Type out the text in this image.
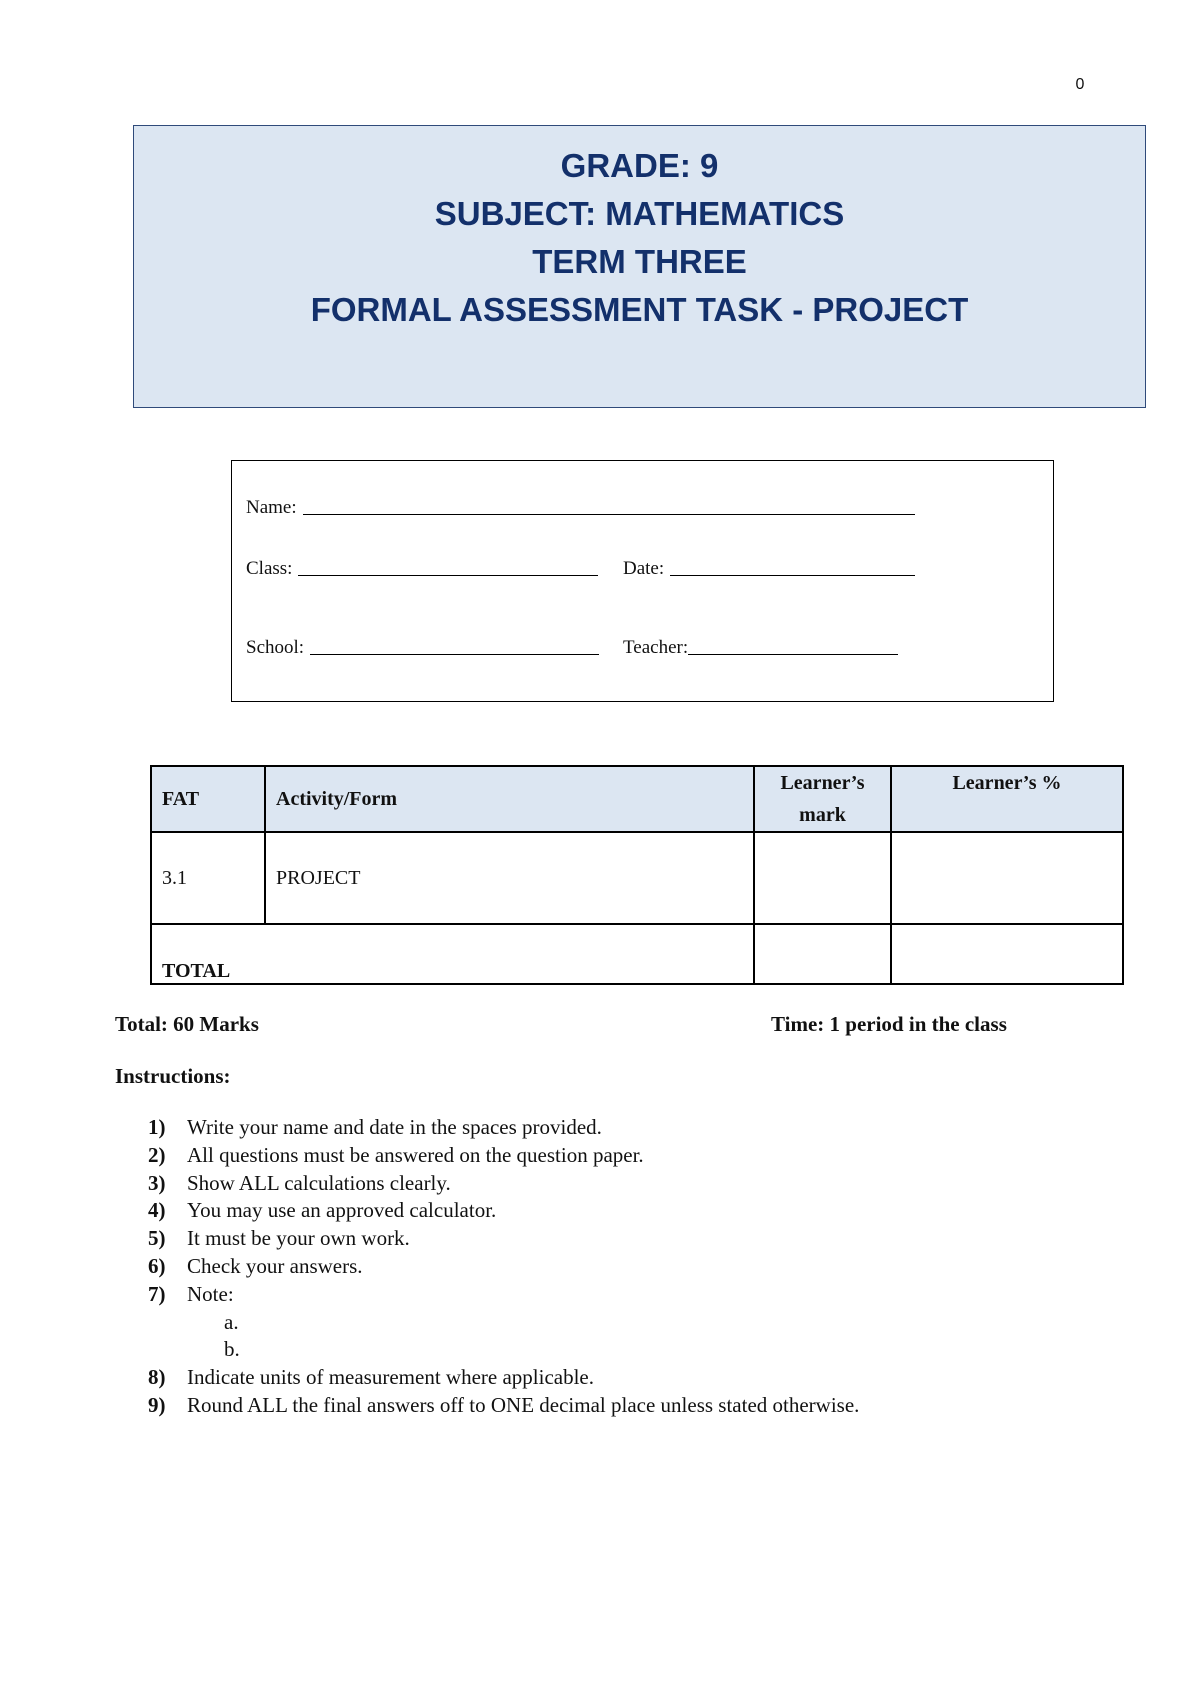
0
GRADE: 9
SUBJECT: MATHEMATICS
TERM THREE
FORMAL ASSESSMENT TASK - PROJECT
Name:
Class:	Date:
School:	Teacher:
FAT	Activity/Form	Learner’s mark	Learner’s %
3.1	PROJECT		
TOTAL			
Total: 60 Marks	Time: 1 period in the class
Instructions:
1)	Write your name and date in the spaces provided.
2)	All questions must be answered on the question paper.
3)	Show ALL calculations clearly.
4)	You may use an approved calculator.
5)	It must be your own work.
6)	Check your answers.
7)	Note:
a.
b.
8)	Indicate units of measurement where applicable.
9)	Round ALL the final answers off to ONE decimal place unless stated otherwise.
